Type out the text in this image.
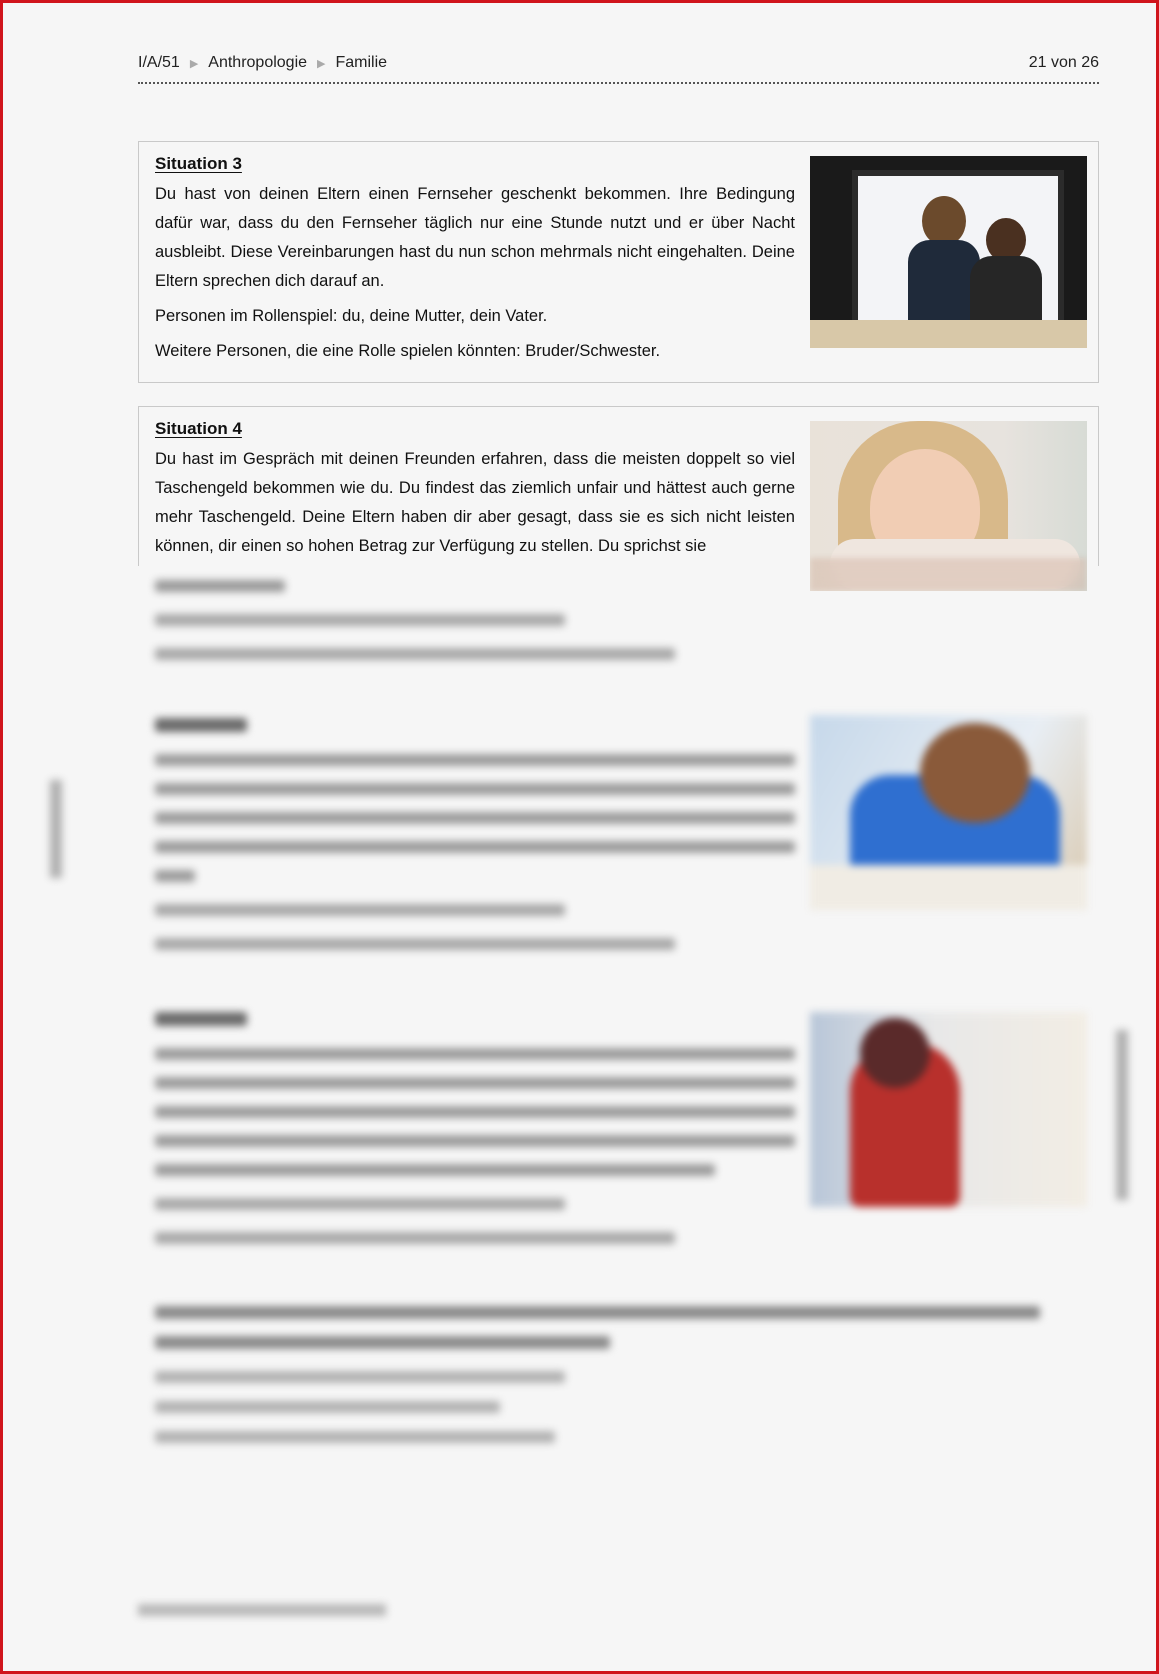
I/A/51 ▶ Anthropologie ▶ Familie	21 von 26
Situation 3

Du hast von deinen Eltern einen Fernseher geschenkt bekommen. Ihre Bedingung dafür war, dass du den Fernseher täglich nur eine Stunde nutzt und er über Nacht ausbleibt. Diese Vereinbarungen hast du nun schon mehrmals nicht eingehalten. Deine Eltern sprechen dich darauf an.

Personen im Rollenspiel: du, deine Mutter, dein Vater.

Weitere Personen, die eine Rolle spielen könnten: Bruder/Schwester.

Situation 4

Du hast im Gespräch mit deinen Freunden erfahren, dass die meisten doppelt so viel Taschengeld bekommen wie du. Du findest das ziemlich unfair und hättest auch gerne mehr Taschengeld. Deine Eltern haben dir aber gesagt, dass sie es sich nicht leisten können, dir einen so hohen Betrag zur Verfügung zu stellen. Du sprichst sie
